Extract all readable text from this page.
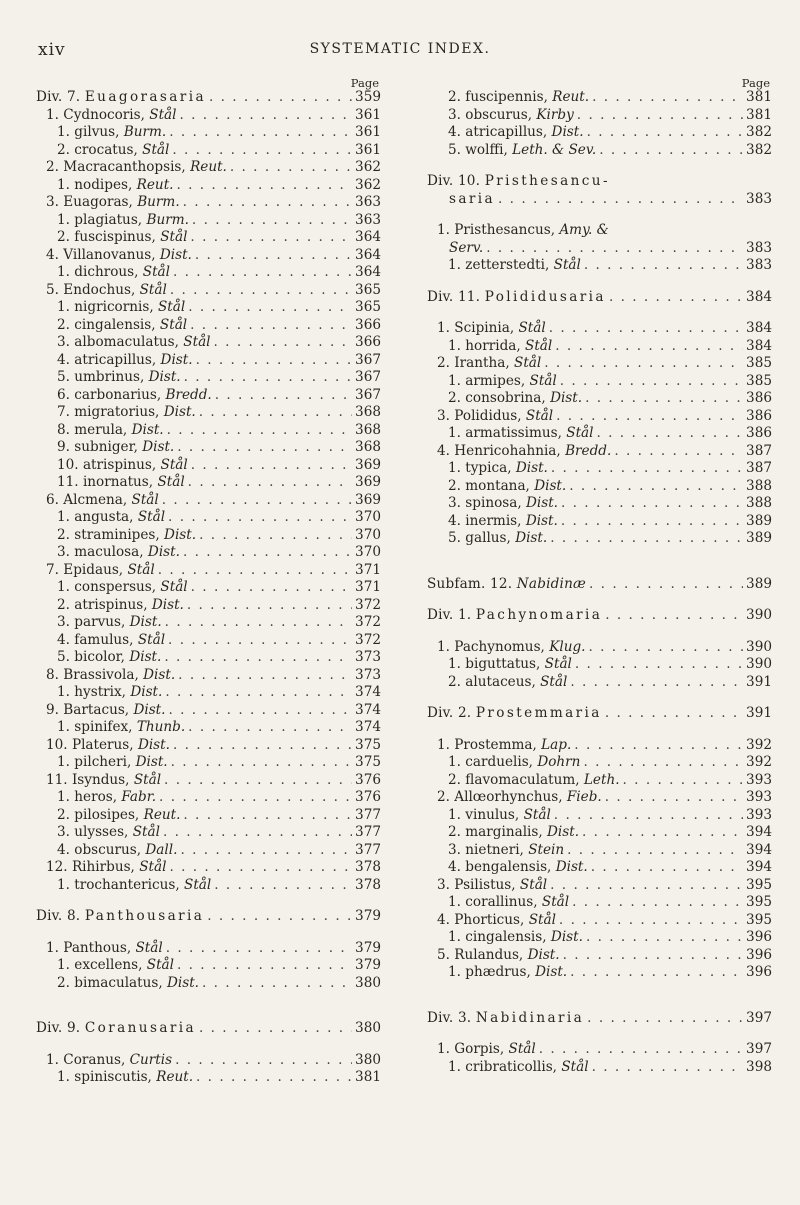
xiv	SYSTEMATIC INDEX.
Page
Div. 7. Euagorasaria . . .	359
1. Cydnocoris, Stål . . .	361
1. gilvus, Burm. . . .	361
2. crocatus, Stål . . .	361
2. Macracanthopsis, Reut. . . .	362
1. nodipes, Reut. . . .	362
3. Euagoras, Burm. . . .	363
1. plagiatus, Burm. . . .	363
2. fuscispinus, Stål . . .	364
4. Villanovanus, Dist. . . .	364
1. dichrous, Stål . . .	364
5. Endochus, Stål . . .	365
1. nigricornis, Stål . . .	365
2. cingalensis, Stål . . .	366
3. albomaculatus, Stål . . .	366
4. atricapillus, Dist. . . .	367
5. umbrinus, Dist. . . .	367
6. carbonarius, Bredd. . . .	367
7. migratorius, Dist. . . .	368
8. merula, Dist. . . .	368
9. subniger, Dist. . . .	368
10. atrispinus, Stål . . .	369
11. inornatus, Stål . . .	369
6. Alcmena, Stål . . .	369
1. angusta, Stål . . .	370
2. straminipes, Dist. . . .	370
3. maculosa, Dist. . . .	370
7. Epidaus, Stål . . .	371
1. conspersus, Stål . . .	371
2. atrispinus, Dist. . . .	372
3. parvus, Dist. . . .	372
4. famulus, Stål . . .	372
5. bicolor, Dist. . . .	373
8. Brassivola, Dist. . . .	373
1. hystrix, Dist. . . .	374
9. Bartacus, Dist. . . .	374
1. spinifex, Thunb. . . .	374
10. Platerus, Dist. . . .	375
1. pilcheri, Dist. . . .	375
11. Isyndus, Stål . . .	376
1. heros, Fabr. . . .	376
2. pilosipes, Reut. . . .	377
3. ulysses, Stål . . .	377
4. obscurus, Dall. . . .	377
12. Rihirbus, Stål . . .	378
1. trochantericus, Stål . . .	378
Div. 8. Panthousaria . . .	379
1. Panthous, Stål . . .	379
1. excellens, Stål . . .	379
2. bimaculatus, Dist. . . .	380
Div. 9. Coranusaria . . .	380
1. Coranus, Curtis . . .	380
1. spiniscutis, Reut. . . .	381
Page
2. fuscipennis, Reut. . . .	381
3. obscurus, Kirby . . .	381
4. atricapillus, Dist. . . .	382
5. wolffi, Leth. & Sev. . . .	382
Div. 10. Pristhesancu-
saria . . .	383
1. Pristhesancus, Amy. &
Serv. . . .	383
1. zetterstedti, Stål . . .	383
Div. 11. Polididusaria . . .	384
1. Scipinia, Stål . . .	384
1. horrida, Stål . . .	384
2. Irantha, Stål . . .	385
1. armipes, Stål . . .	385
2. consobrina, Dist. . . .	386
3. Polididus, Stål . . .	386
1. armatissimus, Stål . . .	386
4. Henricohahnia, Bredd. . . .	387
1. typica, Dist. . . .	387
2. montana, Dist. . . .	388
3. spinosa, Dist. . . .	388
4. inermis, Dist. . . .	389
5. gallus, Dist. . . .	389
Subfam. 12. Nabidinæ . . .	389
Div. 1. Pachynomaria . . .	390
1. Pachynomus, Klug. . . .	390
1. biguttatus, Stål . . .	390
2. alutaceus, Stål . . .	391
Div. 2. Prostemmaria . . .	391
1. Prostemma, Lap. . . .	392
1. carduelis, Dohrn . . .	392
2. flavomaculatum, Leth. . . .	393
2. Allœorhynchus, Fieb. . . .	393
1. vinulus, Stål . . .	393
2. marginalis, Dist. . . .	394
3. nietneri, Stein . . .	394
4. bengalensis, Dist. . . .	394
3. Psilistus, Stål . . .	395
1. corallinus, Stål . . .	395
4. Phorticus, Stål . . .	395
1. cingalensis, Dist. . . .	396
5. Rulandus, Dist. . . .	396
1. phædrus, Dist. . . .	396
Div. 3. Nabidinaria . . .	397
1. Gorpis, Stål . . .	397
1. cribraticollis, Stål . . .	398
